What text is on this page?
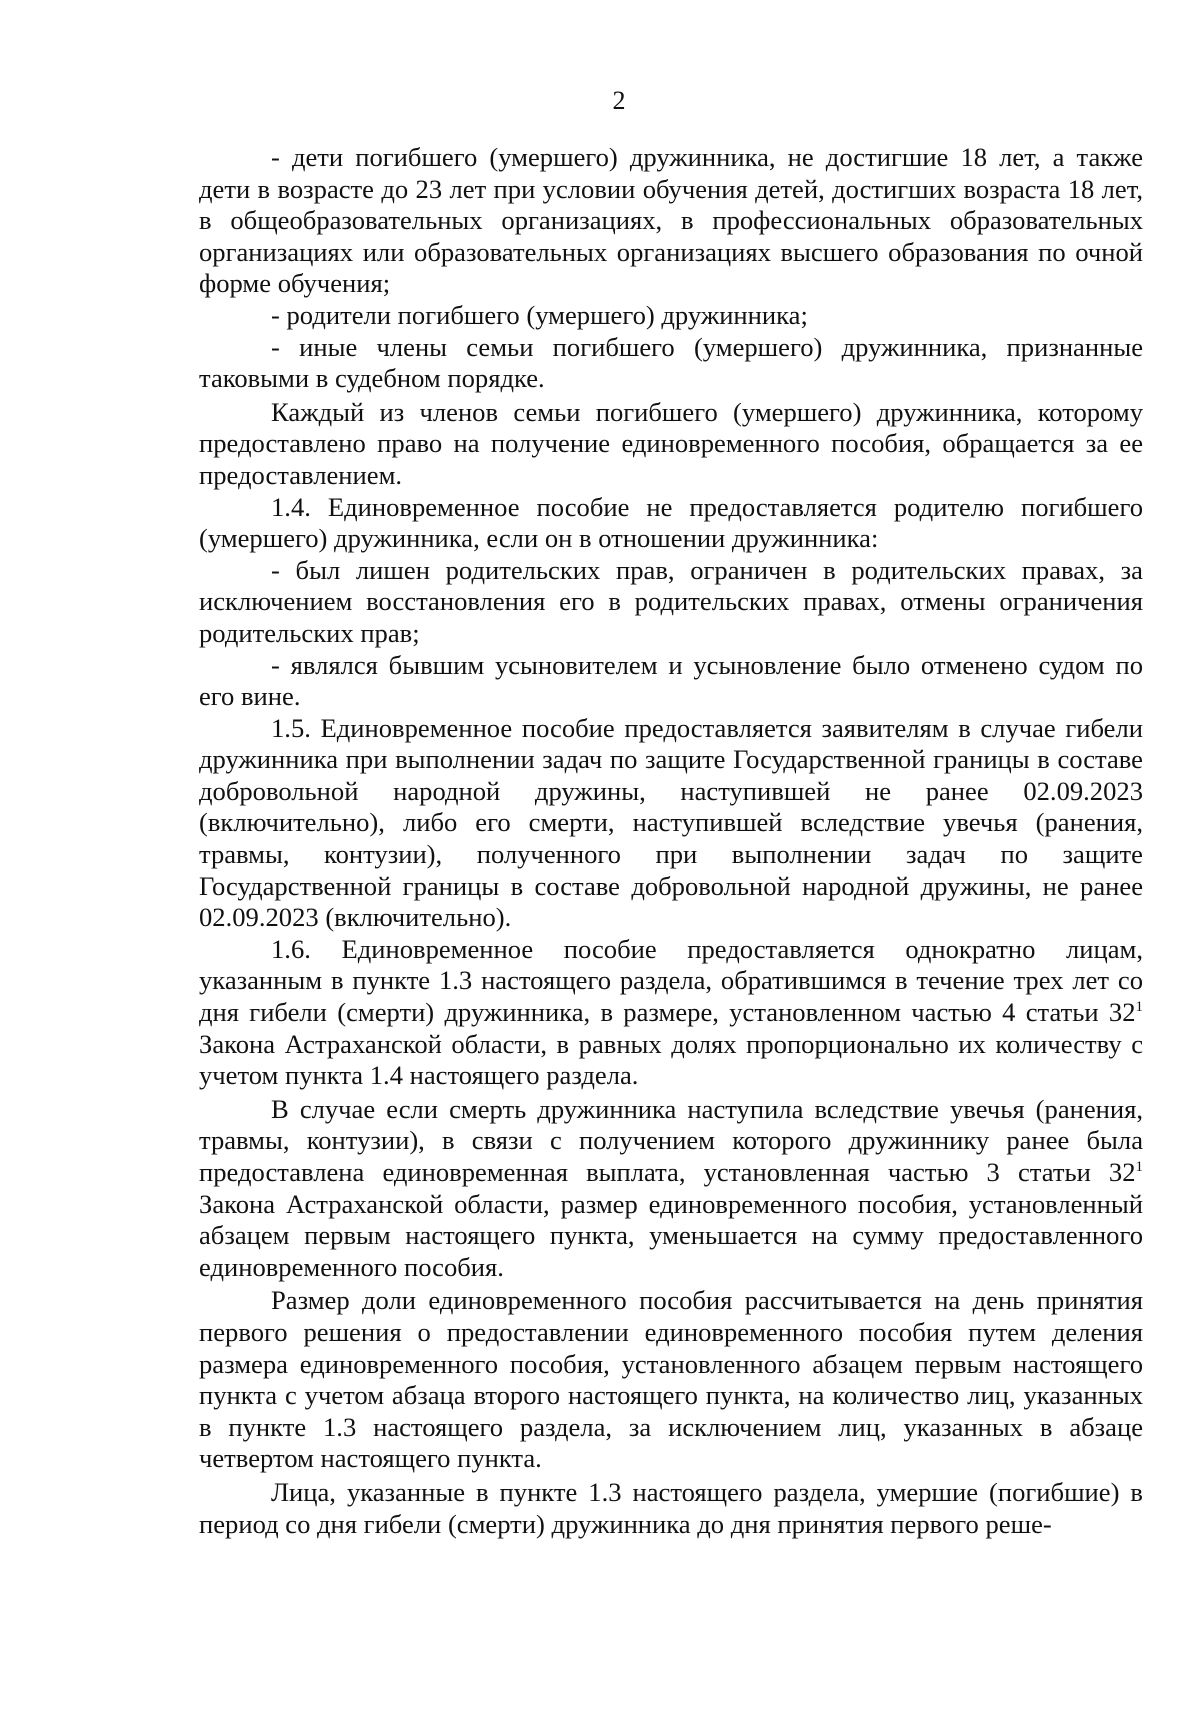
2

- дети погибшего (умершего) дружинника, не достигшие 18 лет, а также дети в возрасте до 23 лет при условии обучения детей, достигших возраста 18 лет, в общеобразовательных организациях, в профессиональных образовательных организациях или образовательных организациях высшего образования по очной форме обучения;

- родители погибшего (умершего) дружинника;

- иные члены семьи погибшего (умершего) дружинника, признанные таковыми в судебном порядке.

Каждый из членов семьи погибшего (умершего) дружинника, которому предоставлено право на получение единовременного пособия, обращается за ее предоставлением.

1.4. Единовременное пособие не предоставляется родителю погибшего (умершего) дружинника, если он в отношении дружинника:

- был лишен родительских прав, ограничен в родительских правах, за исключением восстановления его в родительских правах, отмены ограничения родительских прав;

- являлся бывшим усыновителем и усыновление было отменено судом по его вине.

1.5. Единовременное пособие предоставляется заявителям в случае гибели дружинника при выполнении задач по защите Государственной границы в составе добровольной народной дружины, наступившей не ранее 02.09.2023 (включительно), либо его смерти, наступившей вследствие увечья (ранения, травмы, контузии), полученного при выполнении задач по защите Государственной границы в составе добровольной народной дружины, не ранее 02.09.2023 (включительно).

1.6. Единовременное пособие предоставляется однократно лицам, указанным в пункте 1.3 настоящего раздела, обратившимся в течение трех лет со дня гибели (смерти) дружинника, в размере, установленном частью 4 статьи $32^1$ Закона Астраханской области, в равных долях пропорционально их количеству с учетом пункта 1.4 настоящего раздела.

В случае если смерть дружинника наступила вследствие увечья (ранения, травмы, контузии), в связи с получением которого дружиннику ранее была предоставлена единовременная выплата, установленная частью 3 статьи $32^1$ Закона Астраханской области, размер единовременного пособия, установленный абзацем первым настоящего пункта, уменьшается на сумму предоставленного единовременного пособия.

Размер доли единовременного пособия рассчитывается на день принятия первого решения о предоставлении единовременного пособия путем деления размера единовременного пособия, установленного абзацем первым настоящего пункта с учетом абзаца второго настоящего пункта, на количество лиц, указанных в пункте 1.3 настоящего раздела, за исключением лиц, указанных в абзаце четвертом настоящего пункта.

Лица, указанные в пункте 1.3 настоящего раздела, умершие (погибшие) в период со дня гибели (смерти) дружинника до дня принятия первого реше-
